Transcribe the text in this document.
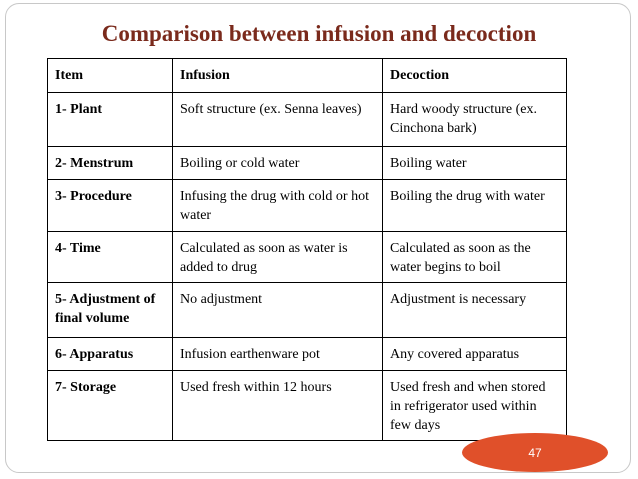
Comparison between infusion and decoction
Item	Infusion	Decoction
1- Plant	Soft structure (ex. Senna leaves)	Hard woody structure (ex. Cinchona bark)
2- Menstrum	Boiling or cold water	Boiling water
3- Procedure	Infusing the drug with cold or hot water	Boiling the drug with water
4- Time	Calculated as soon as water is added to drug	Calculated as soon as the water begins to boil
5- Adjustment of final volume	No adjustment	Adjustment is necessary
6- Apparatus	Infusion earthenware pot	Any covered apparatus
7- Storage	Used fresh within 12 hours	Used fresh and when stored in refrigerator used within few days
47
